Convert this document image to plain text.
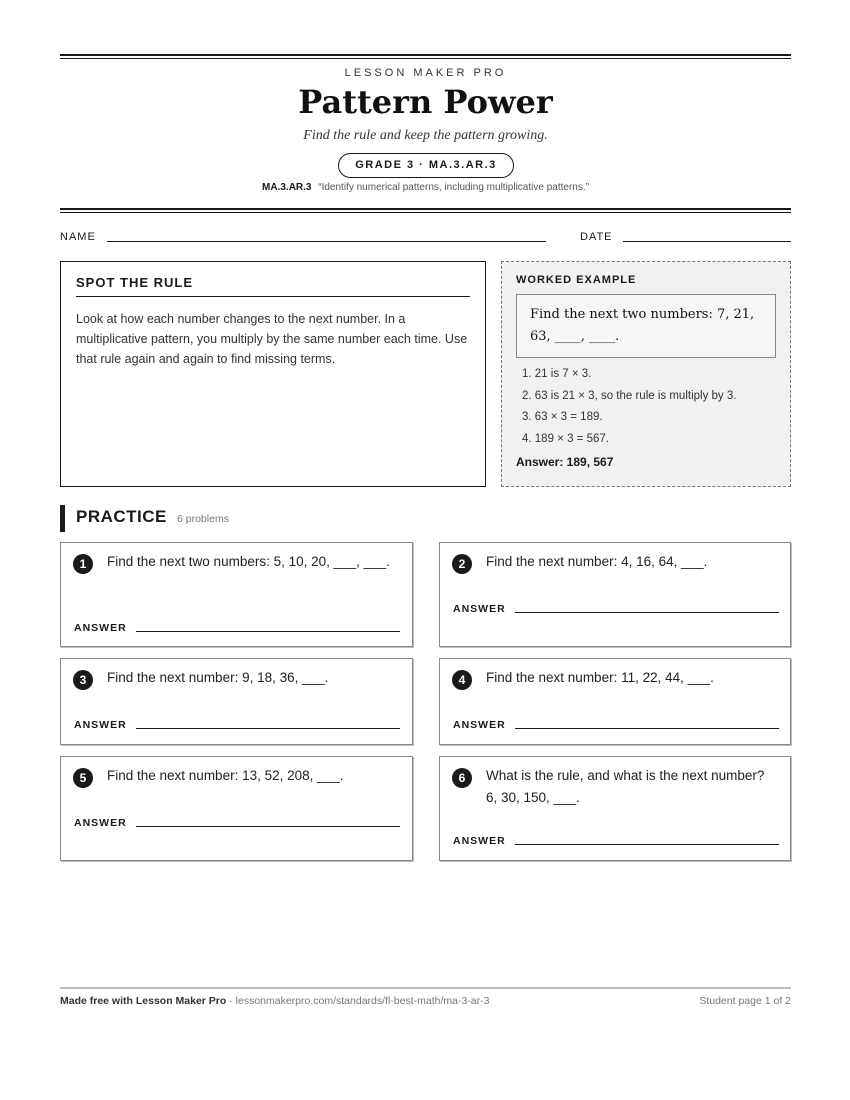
LESSON MAKER PRO
Pattern Power
Find the rule and keep the pattern growing.
GRADE 3 · MA.3.AR.3
MA.3.AR.3 “Identify numerical patterns, including multiplicative patterns.”
NAME	DATE
SPOT THE RULE

Look at how each number changes to the next number. In a multiplicative pattern, you multiply by the same number each time. Use that rule again and again to find missing terms.

WORKED EXAMPLE
Find the next two numbers: 7, 21, 63, ____, ____.
1. 21 is 7 × 3.
2. 63 is 21 × 3, so the rule is multiply by 3.
3. 63 × 3 = 189.
4. 189 × 3 = 567.
Answer: 189, 567
PRACTICE 6 problems
1	Find the next two numbers: 5, 10, 20, ___, ___.
ANSWER
2	Find the next number: 4, 16, 64, ___.
ANSWER
3	Find the next number: 9, 18, 36, ___.
ANSWER
4	Find the next number: 11, 22, 44, ___.
ANSWER
5	Find the next number: 13, 52, 208, ___.
ANSWER
6	What is the rule, and what is the next number? 6, 30, 150, ___.
ANSWER
Made free with Lesson Maker Pro · lessonmakerpro.com/standards/fl-best-math/ma-3-ar-3	Student page 1 of 2
